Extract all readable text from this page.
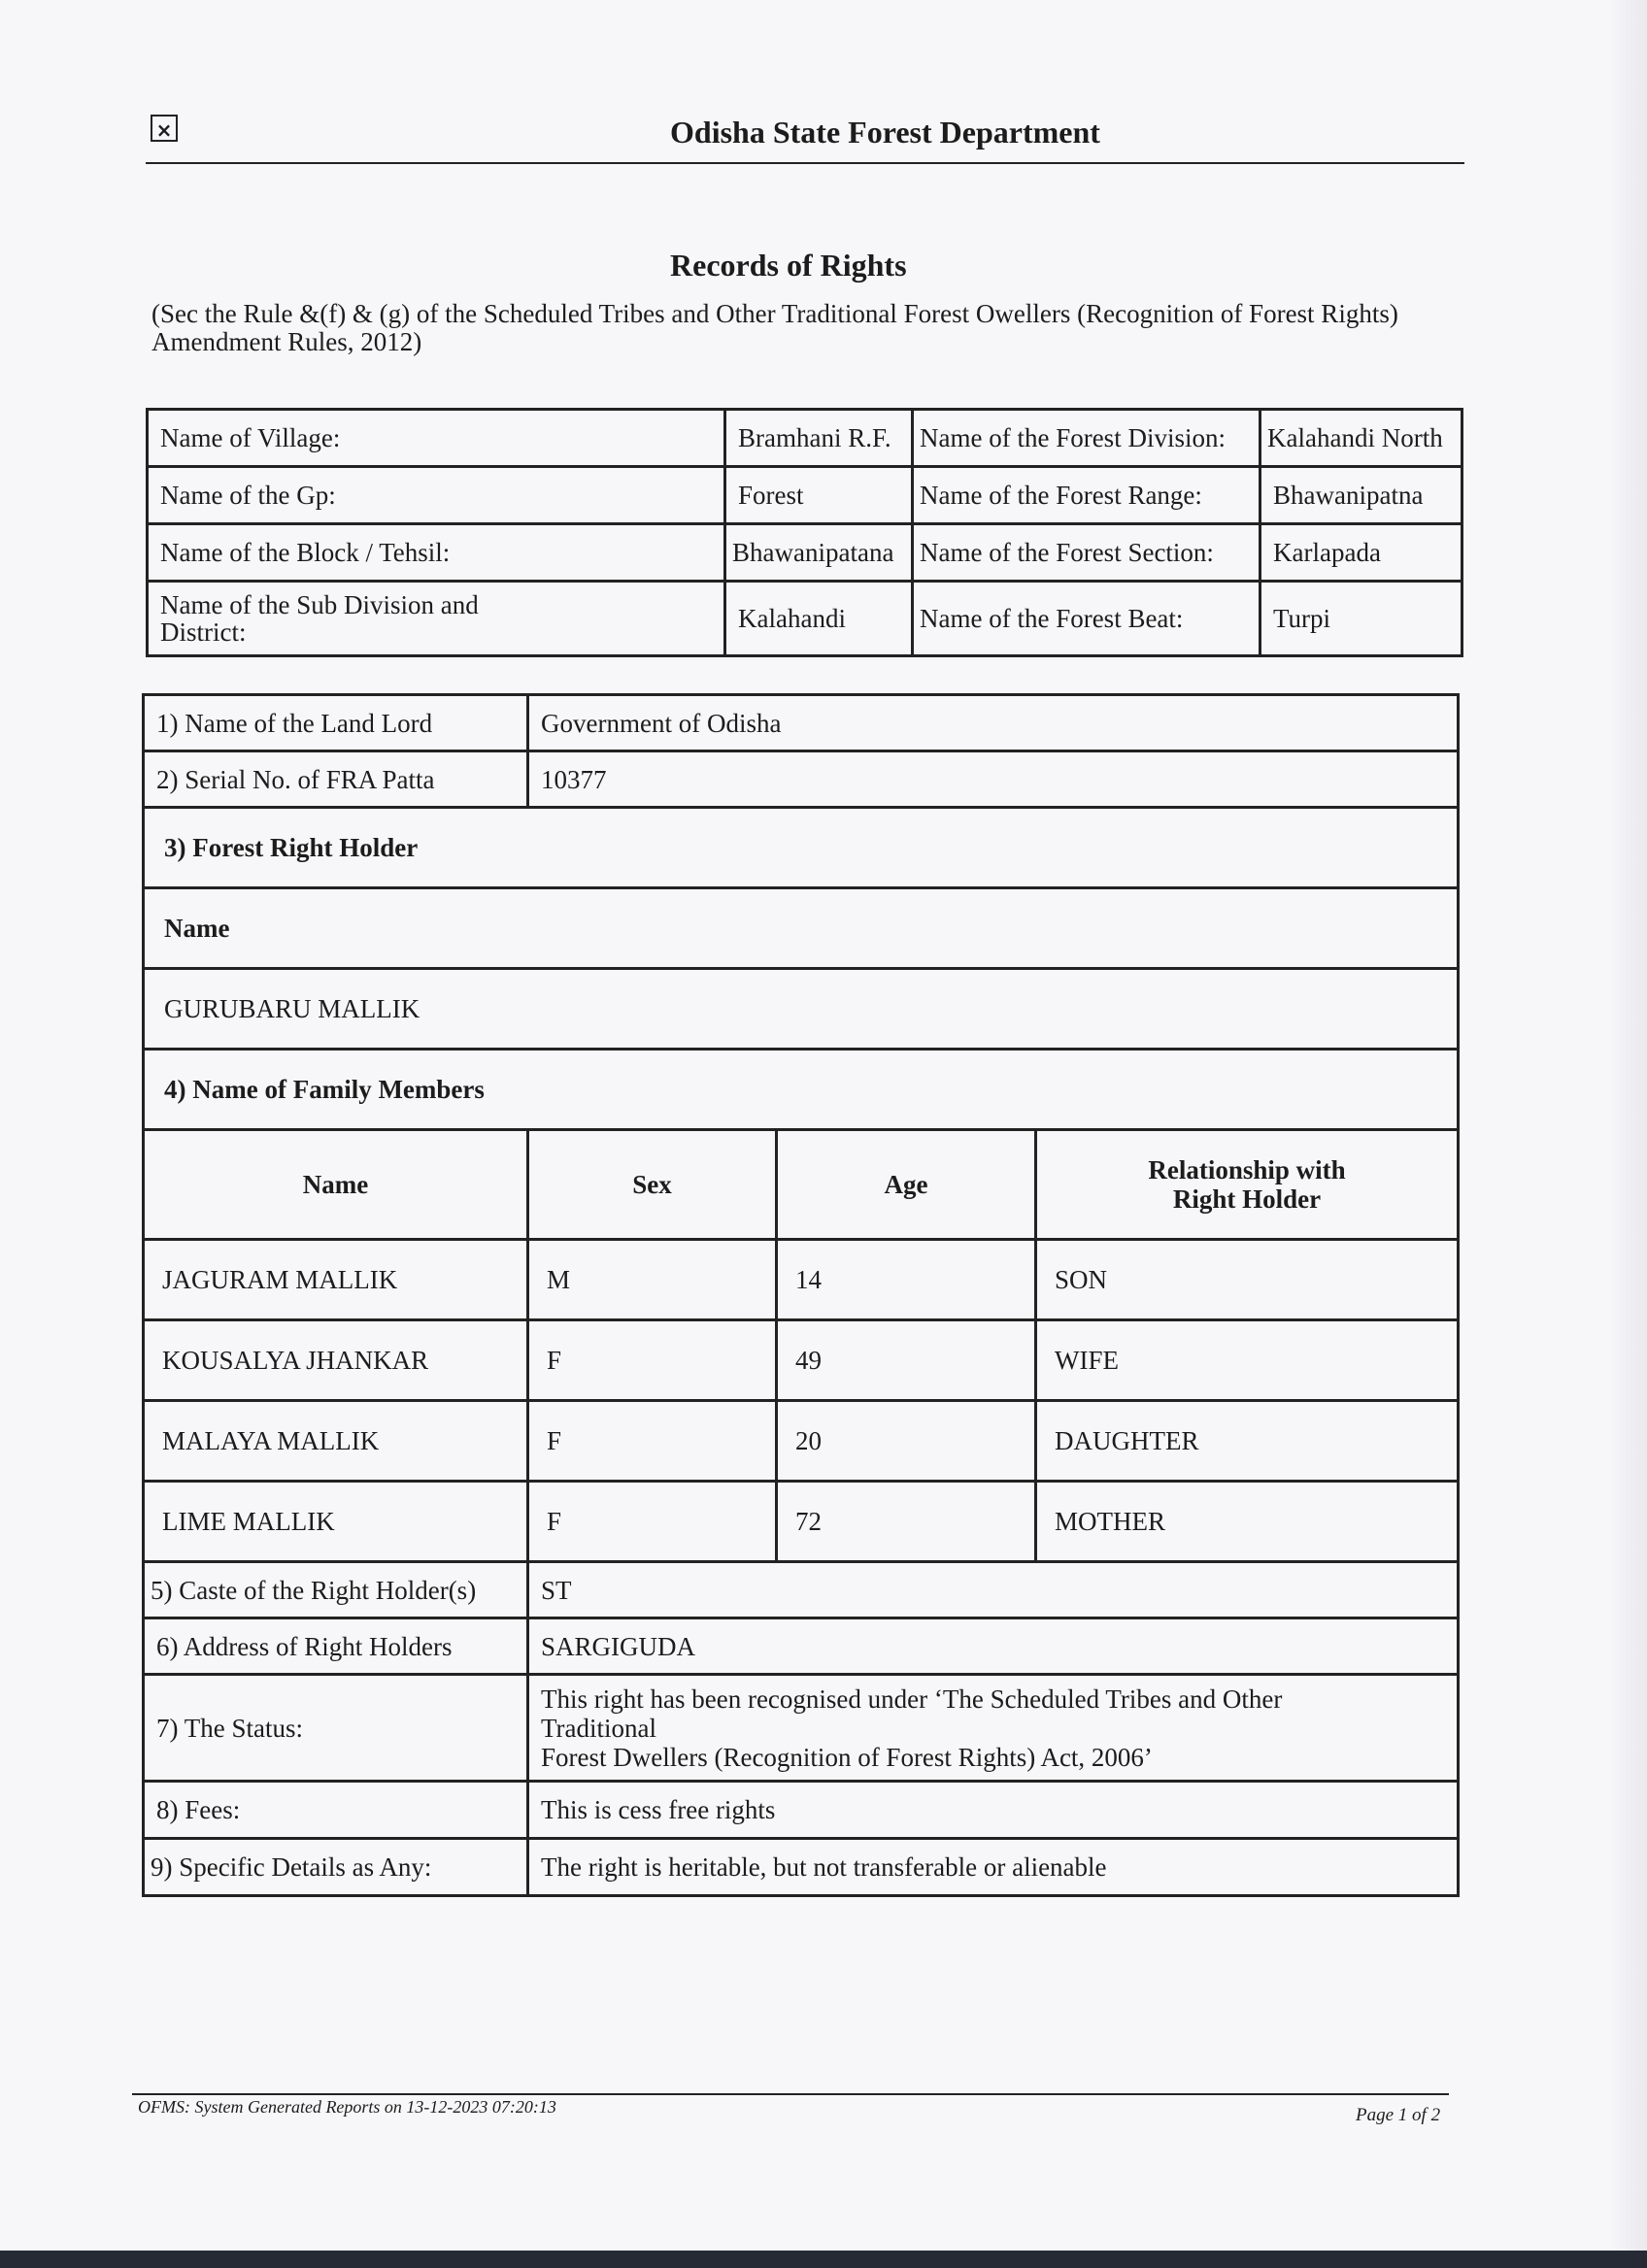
×	Odisha State Forest Department
Records of Rights
(Sec the Rule &(f) & (g) of the Scheduled Tribes and Other Traditional Forest Owellers (Recognition of Forest Rights) Amendment Rules, 2012)
Name of Village:	Bramhani R.F.	Name of the Forest Division:	Kalahandi North
Name of the Gp:	Forest	Name of the Forest Range:	Bhawanipatna
Name of the Block / Tehsil:	Bhawanipatana	Name of the Forest Section:	Karlapada

Name of the Sub Division and District:	Kalahandi	Name of the Forest Beat:	Turpi
1) Name of the Land Lord	Government of Odisha		
2) Serial No. of FRA Patta	10377		
3) Forest Right Holder			
Name			
GURUBARU MALLIK			
4) Name of Family Members			
Name	Sex	Age	Relationship with Right Holder

JAGURAM MALLIK	M	14	SON
KOUSALYA JHANKAR	F	49	WIFE
MALAYA MALLIK	F	20	DAUGHTER
LIME MALLIK	F	72	MOTHER
5) Caste of the Right Holder(s)	ST		
6) Address of Right Holders	SARGIGUDA		
7) The Status:	This right has been recognised under ‘The Scheduled Tribes and Other
Traditional
Forest Dwellers (Recognition of Forest Rights) Act, 2006’		

8) Fees:	This is cess free rights		
9) Specific Details as Any:	The right is heritable, but not transferable or alienable		
OFMS: System Generated Reports on 13-12-2023 07:20:13	Page 1 of 2
